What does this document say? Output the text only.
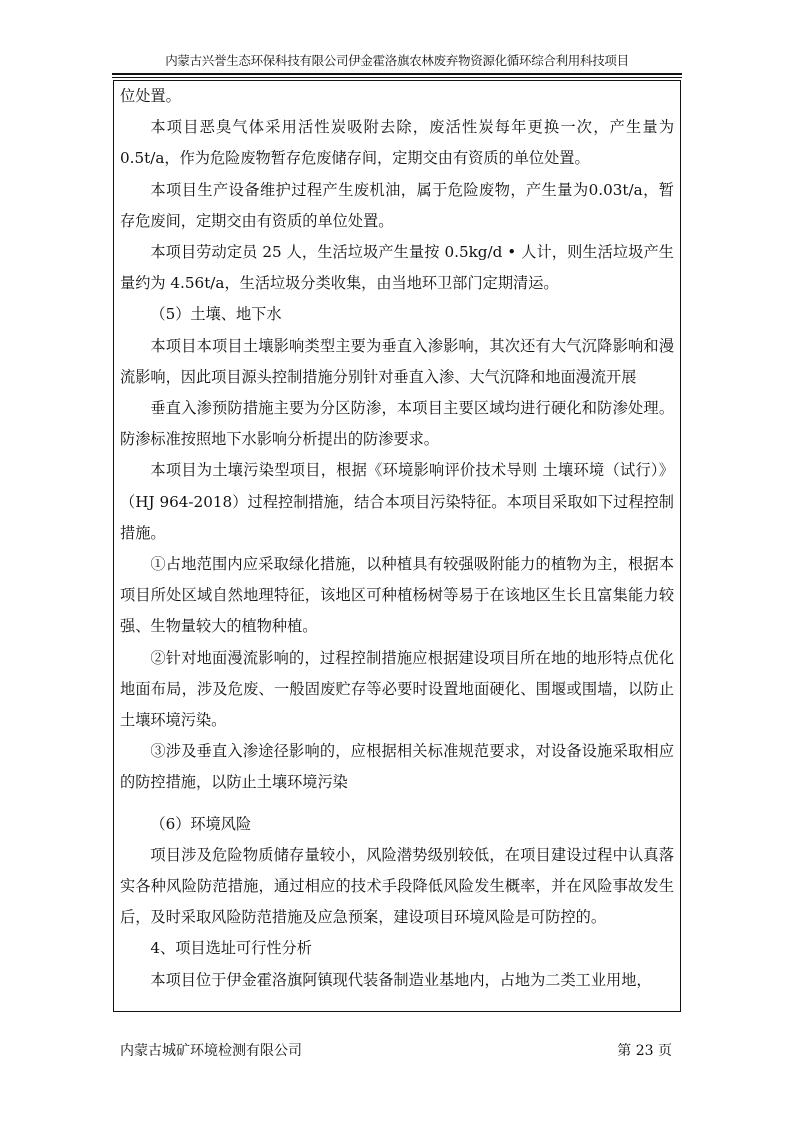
内蒙古兴誉生态环保科技有限公司伊金霍洛旗农林废弃物资源化循环综合利用科技项目

位处置。

本项目恶臭气体采用活性炭吸附去除，废活性炭每年更换一次，产生量为0.5t/a，作为危险废物暂存危废储存间，定期交由有资质的单位处置。

本项目生产设备维护过程产生废机油，属于危险废物，产生量为0.03t/a，暂存危废间，定期交由有资质的单位处置。

本项目劳动定员 25 人，生活垃圾产生量按 0.5kg/d • 人计，则生活垃圾产生量约为 4.56t/a，生活垃圾分类收集，由当地环卫部门定期清运。

（5）土壤、地下水

本项目本项目土壤影响类型主要为垂直入渗影响，其次还有大气沉降影响和漫流影响，因此项目源头控制措施分别针对垂直入渗、大气沉降和地面漫流开展

垂直入渗预防措施主要为分区防渗，本项目主要区域均进行硬化和防渗处理。防渗标准按照地下水影响分析提出的防渗要求。

本项目为土壤污染型项目，根据《环境影响评价技术导则 土壤环境（试行）》（HJ 964-2018）过程控制措施，结合本项目污染特征。本项目采取如下过程控制措施。

①占地范围内应采取绿化措施，以种植具有较强吸附能力的植物为主，根据本项目所处区域自然地理特征，该地区可种植杨树等易于在该地区生长且富集能力较强、生物量较大的植物种植。

②针对地面漫流影响的，过程控制措施应根据建设项目所在地的地形特点优化地面布局，涉及危废、一般固废贮存等必要时设置地面硬化、围堰或围墙，以防止土壤环境污染。

③涉及垂直入渗途径影响的，应根据相关标准规范要求，对设备设施采取相应的防控措施，以防止土壤环境污染

（6）环境风险

项目涉及危险物质储存量较小，风险潜势级别较低，在项目建设过程中认真落实各种风险防范措施，通过相应的技术手段降低风险发生概率，并在风险事故发生后，及时采取风险防范措施及应急预案，建设项目环境风险是可防控的。

4、项目选址可行性分析

本项目位于伊金霍洛旗阿镇现代装备制造业基地内，占地为二类工业用地，

内蒙古城矿环境检测有限公司	第 23 页
